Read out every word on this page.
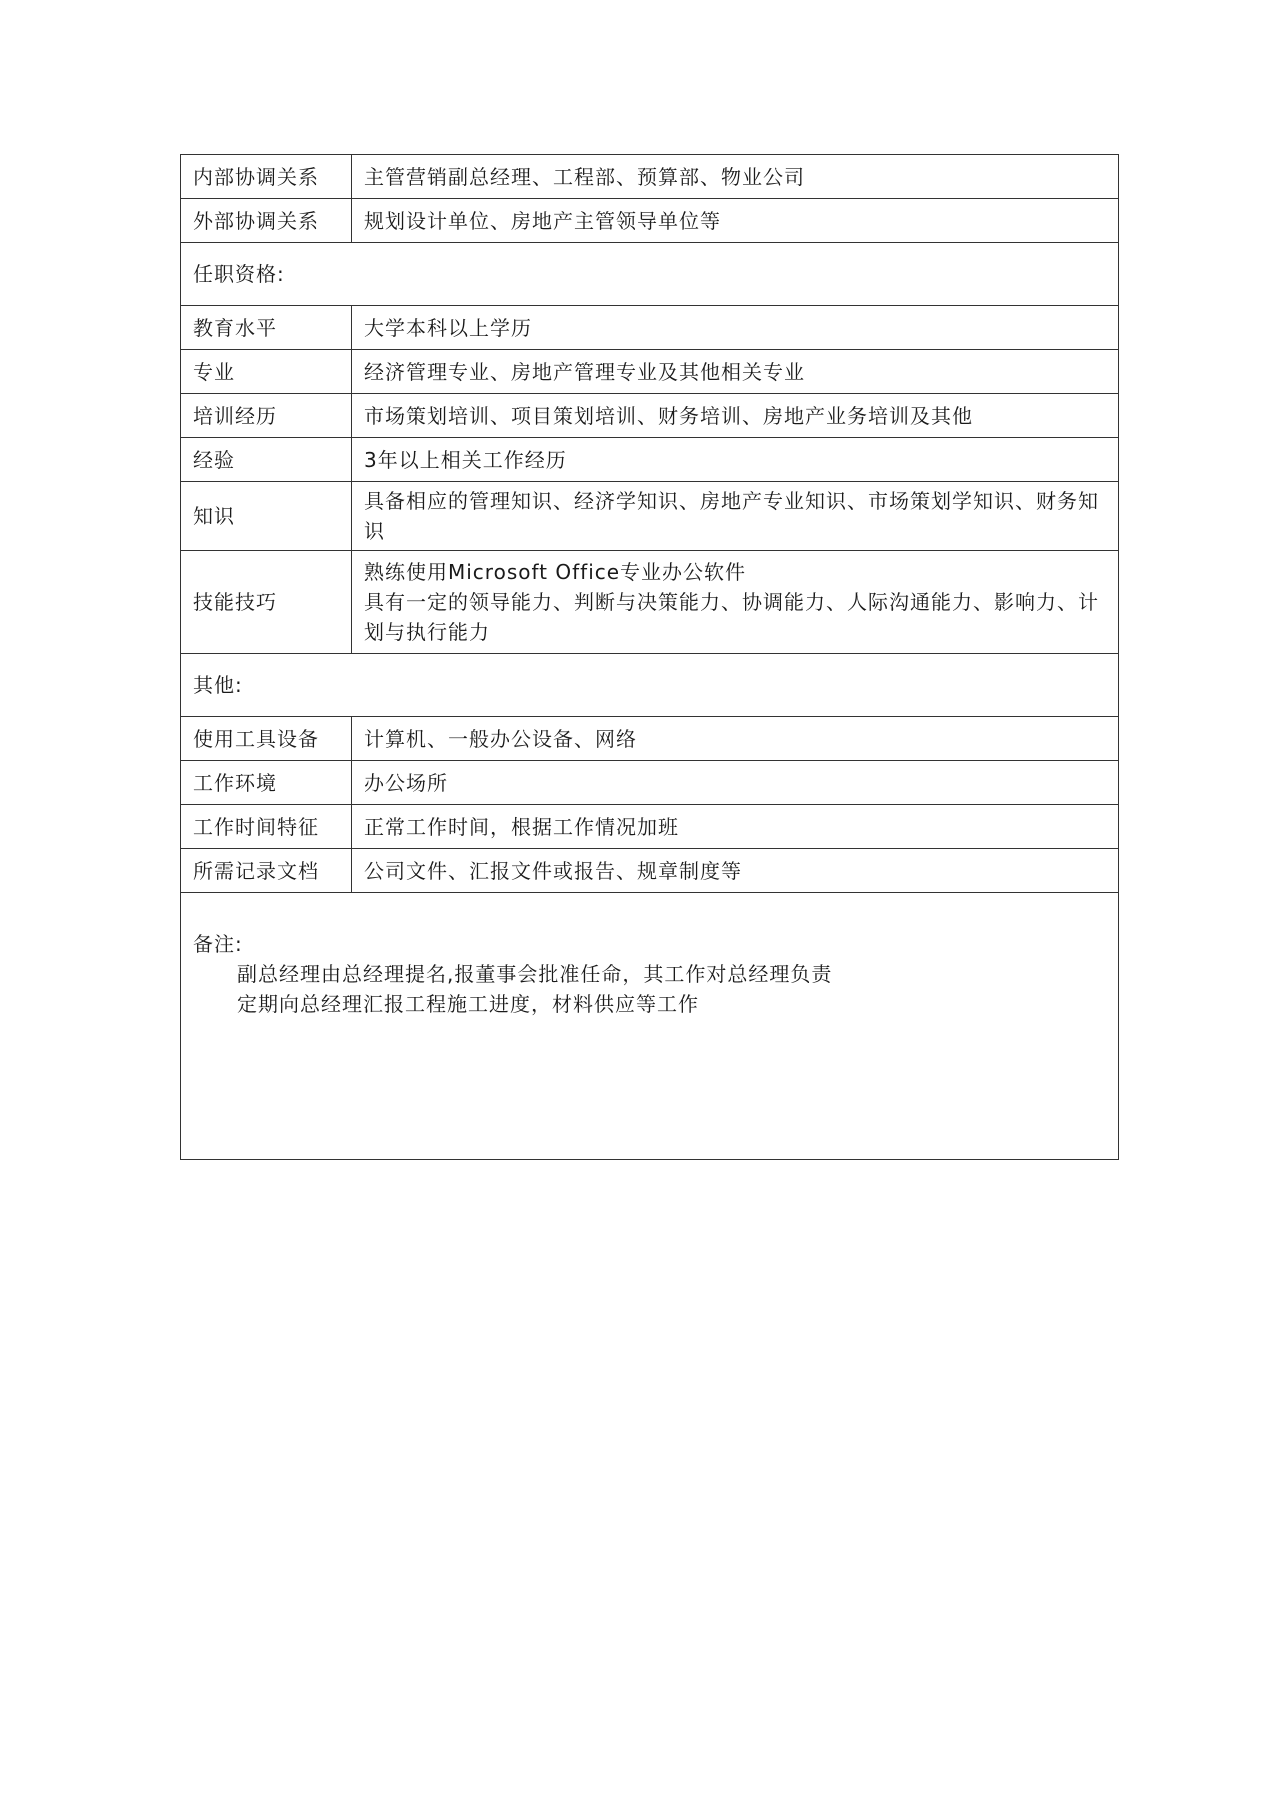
内部协调关系	主管营销副总经理、工程部、预算部、物业公司
外部协调关系	规划设计单位、房地产主管领导单位等
任职资格:	
教育水平	大学本科以上学历
专业	经济管理专业、房地产管理专业及其他相关专业
培训经历	市场策划培训、项目策划培训、财务培训、房地产业务培训及其他
经验	3年以上相关工作经历
知识	具备相应的管理知识、经济学知识、房地产专业知识、市场策划学知识、财务知识
技能技巧	熟练使用Microsoft Office专业办公软件
具有一定的领导能力、判断与决策能力、协调能力、人际沟通能力、影响力、计划与执行能力

其他:	
使用工具设备	计算机、一般办公设备、网络
工作环境	办公场所
工作时间特征	正常工作时间，根据工作情况加班
所需记录文档	公司文件、汇报文件或报告、规章制度等

备注:
副总经理由总经理提名,报董事会批准任命，其工作对总经理负责
定期向总经理汇报工程施工进度，材料供应等工作	
